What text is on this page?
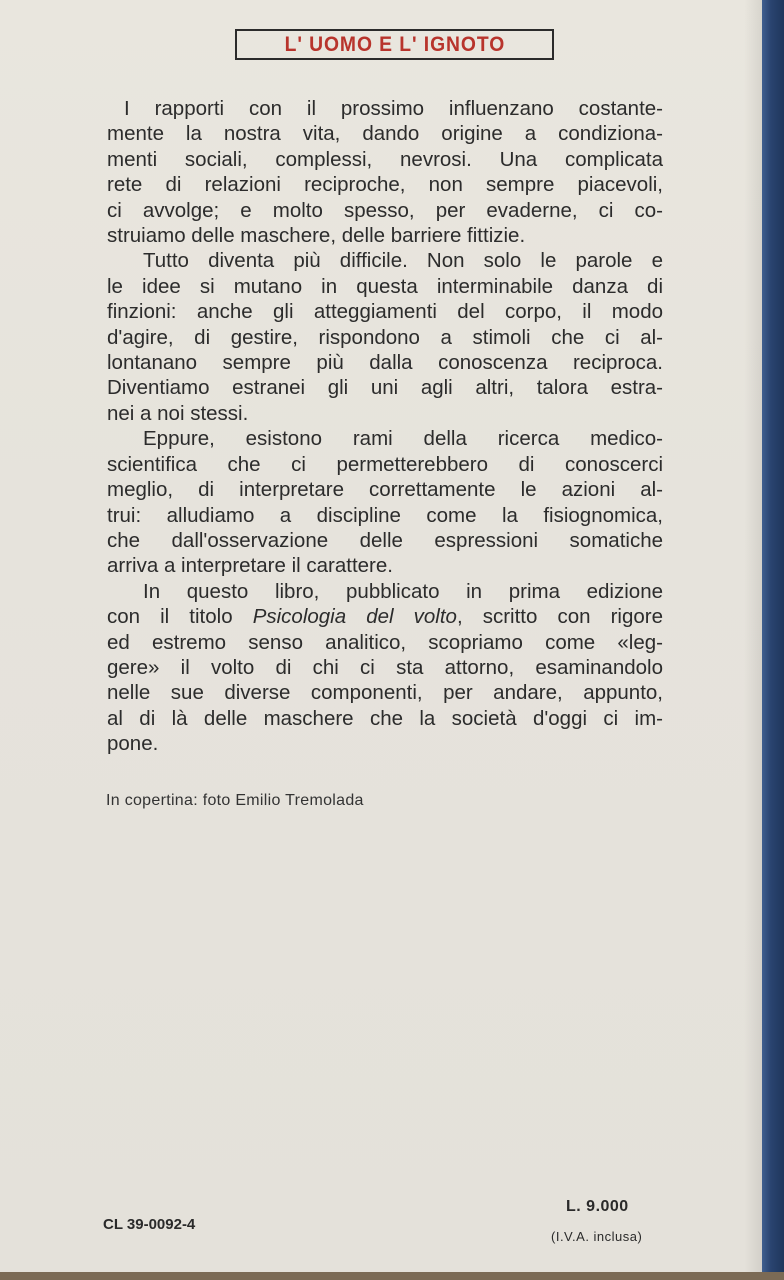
L' UOMO E L' IGNOTO

I rapporti con il prossimo influenzano costante-
mente la nostra vita, dando origine a condiziona-
menti sociali, complessi, nevrosi. Una complicata
rete di relazioni reciproche, non sempre piacevoli,
ci avvolge; e molto spesso, per evaderne, ci co-
struiamo delle maschere, delle barriere fittizie.

Tutto diventa più difficile. Non solo le parole e
le idee si mutano in questa interminabile danza di
finzioni: anche gli atteggiamenti del corpo, il modo
d'agire, di gestire, rispondono a stimoli che ci al-
lontanano sempre più dalla conoscenza reciproca.
Diventiamo estranei gli uni agli altri, talora estra-
nei a noi stessi.

Eppure, esistono rami della ricerca medico-
scientifica che ci permetterebbero di conoscerci
meglio, di interpretare correttamente le azioni al-
trui: alludiamo a discipline come la fisiognomica,
che dall'osservazione delle espressioni somatiche
arriva a interpretare il carattere.

In questo libro, pubblicato in prima edizione
con il titolo Psicologia del volto, scritto con rigore
ed estremo senso analitico, scopriamo come «leg-
gere» il volto di chi ci sta attorno, esaminandolo
nelle sue diverse componenti, per andare, appunto,
al di là delle maschere che la società d'oggi ci im-
pone.

In copertina: foto Emilio Tremolada
CL 39-0092-4
L. 9.000
(I.V.A. inclusa)
